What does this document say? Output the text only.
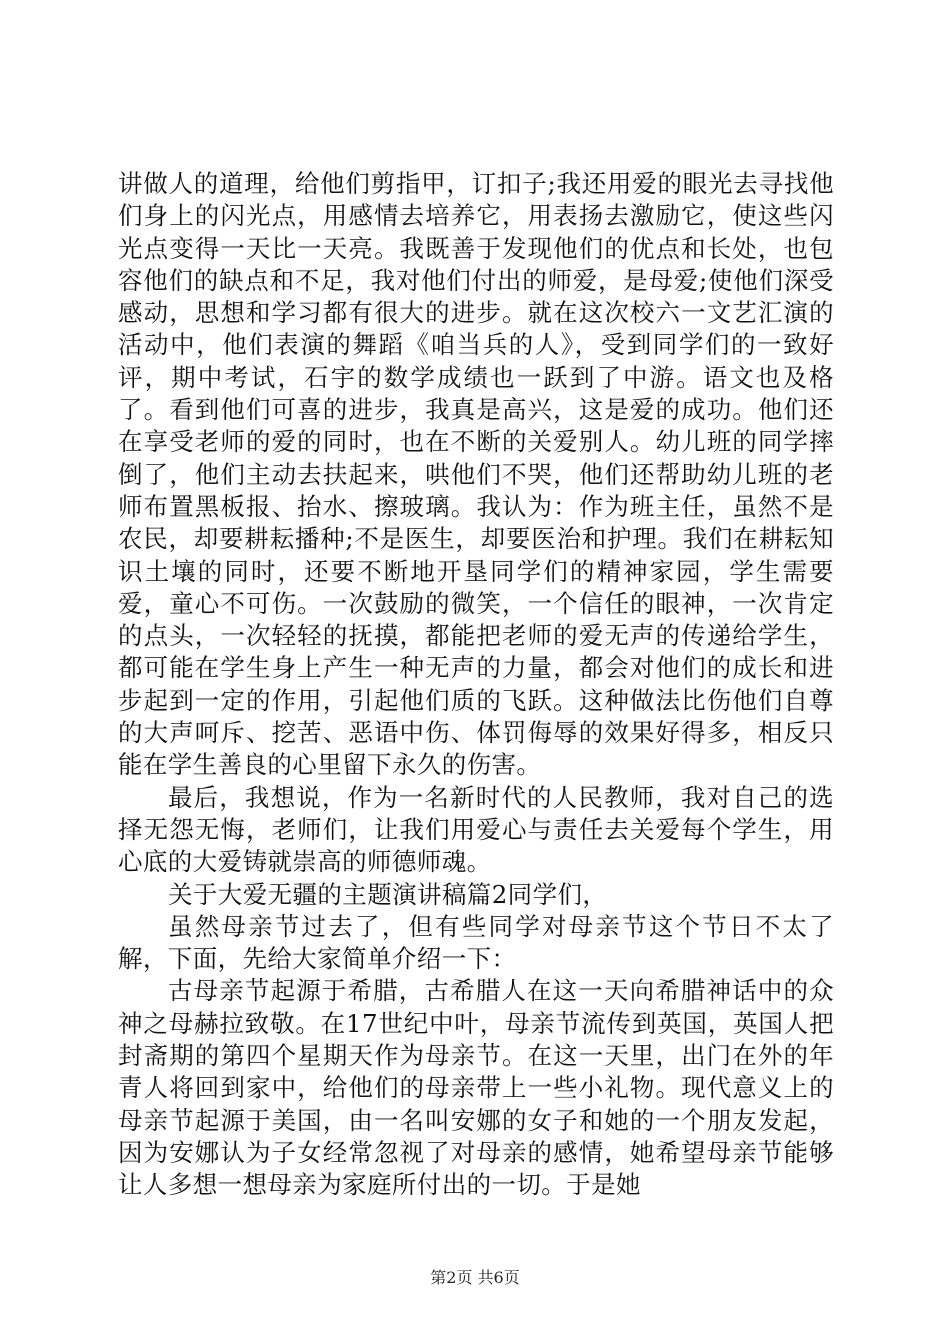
讲做人的道理，给他们剪指甲，订扣子;我还用爱的眼光去寻找他们身上的闪光点，用感情去培养它，用表扬去激励它，使这些闪光点变得一天比一天亮。我既善于发现他们的优点和长处，也包容他们的缺点和不足，我对他们付出的师爱，是母爱;使他们深受感动，思想和学习都有很大的进步。就在这次校六一文艺汇演的活动中，他们表演的舞蹈《咱当兵的人》，受到同学们的一致好评，期中考试，石宇的数学成绩也一跃到了中游。语文也及格了。看到他们可喜的进步，我真是高兴，这是爱的成功。他们还在享受老师的爱的同时，也在不断的关爱别人。幼儿班的同学摔倒了，他们主动去扶起来，哄他们不哭，他们还帮助幼儿班的老师布置黑板报、抬水、擦玻璃。我认为：作为班主任，虽然不是农民，却要耕耘播种;不是医生，却要医治和护理。我们在耕耘知识土壤的同时，还要不断地开垦同学们的精神家园，学生需要爱，童心不可伤。一次鼓励的微笑，一个信任的眼神，一次肯定的点头，一次轻轻的抚摸，都能把老师的爱无声的传递给学生，都可能在学生身上产生一种无声的力量，都会对他们的成长和进步起到一定的作用，引起他们质的飞跃。这种做法比伤他们自尊的大声呵斥、挖苦、恶语中伤、体罚侮辱的效果好得多，相反只能在学生善良的心里留下永久的伤害。

最后，我想说，作为一名新时代的人民教师，我对自己的选择无怨无悔，老师们，让我们用爱心与责任去关爱每个学生，用心底的大爱铸就崇高的师德师魂。

关于大爱无疆的主题演讲稿篇2同学们，

虽然母亲节过去了，但有些同学对母亲节这个节日不太了解，下面，先给大家简单介绍一下：

古母亲节起源于希腊，古希腊人在这一天向希腊神话中的众神之母赫拉致敬。在17世纪中叶，母亲节流传到英国，英国人把封斋期的第四个星期天作为母亲节。在这一天里，出门在外的年青人将回到家中，给他们的母亲带上一些小礼物。现代意义上的母亲节起源于美国，由一名叫安娜的女子和她的一个朋友发起，因为安娜认为子女经常忽视了对母亲的感情，她希望母亲节能够让人多想一想母亲为家庭所付出的一切。于是她

第2页 共6页
